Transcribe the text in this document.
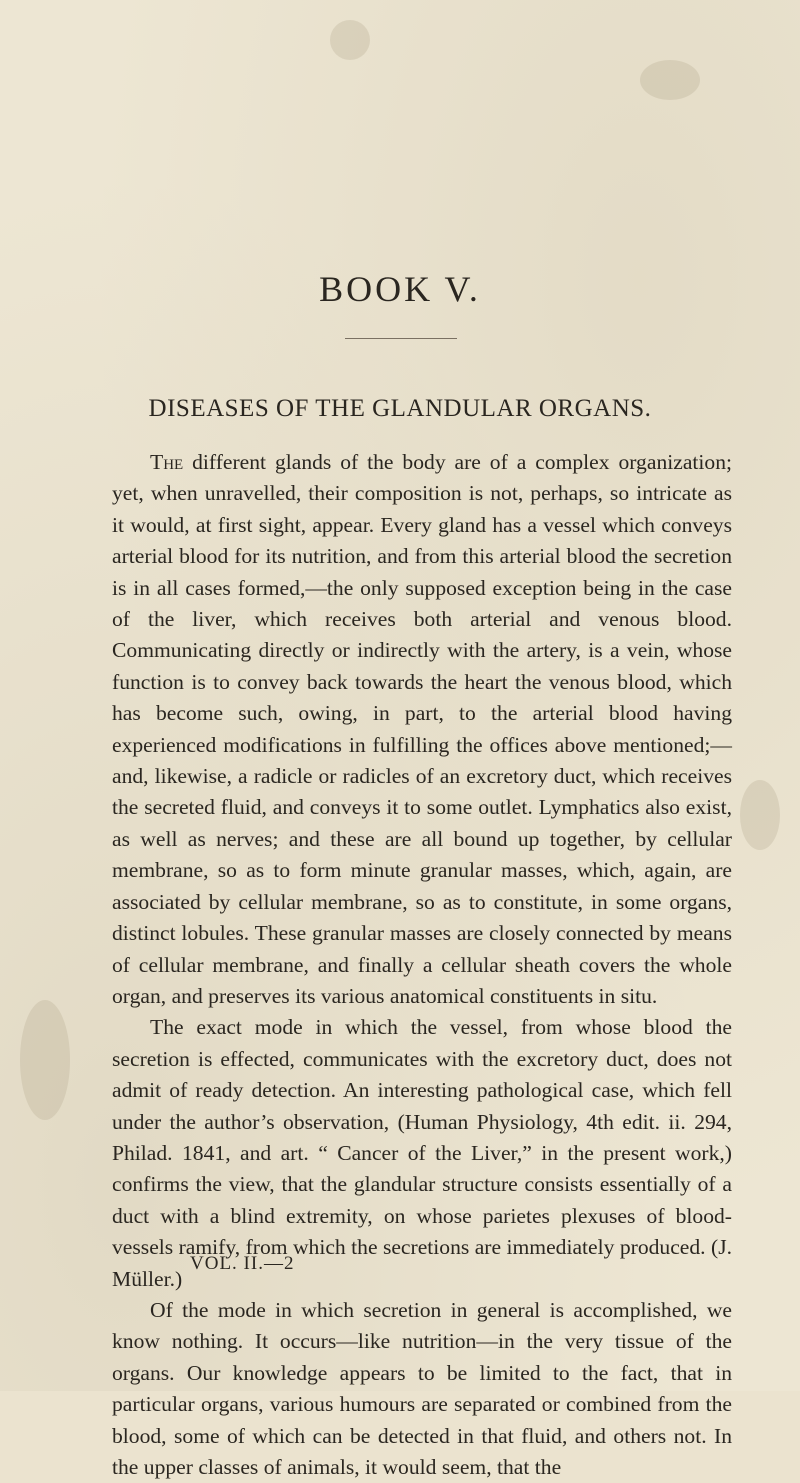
BOOK V.
DISEASES OF THE GLANDULAR ORGANS.

The different glands of the body are of a complex organization; yet, when unravelled, their composition is not, perhaps, so intricate as it would, at first sight, appear. Every gland has a vessel which conveys arterial blood for its nutrition, and from this arterial blood the secretion is in all cases formed,—the only supposed exception being in the case of the liver, which receives both arterial and venous blood. Communicating directly or indirectly with the artery, is a vein, whose function is to convey back towards the heart the venous blood, which has become such, owing, in part, to the arterial blood having experienced modifications in fulfilling the offices above mentioned;—and, likewise, a radicle or radicles of an excretory duct, which receives the secreted fluid, and conveys it to some outlet. Lymphatics also exist, as well as nerves; and these are all bound up together, by cellular membrane, so as to form minute granular masses, which, again, are associated by cellular membrane, so as to constitute, in some organs, distinct lobules. These granular masses are closely connected by means of cellular membrane, and finally a cellular sheath covers the whole organ, and preserves its various anatomical constituents in situ.

The exact mode in which the vessel, from whose blood the secretion is effected, communicates with the excretory duct, does not admit of ready detection. An interesting pathological case, which fell under the author’s observation, (Human Physiology, 4th edit. ii. 294, Philad. 1841, and art. “ Cancer of the Liver,” in the present work,) confirms the view, that the glandular structure consists essentially of a duct with a blind extremity, on whose parietes plexuses of blood-vessels ramify, from which the secretions are immediately produced. (J. Müller.)

Of the mode in which secretion in general is accomplished, we know nothing. It occurs—like nutrition—in the very tissue of the organs. Our knowledge appears to be limited to the fact, that in particular organs, various humours are separated or combined from the blood, some of which can be detected in that fluid, and others not. In the upper classes of animals, it would seem, that the

VOL. II.—2
